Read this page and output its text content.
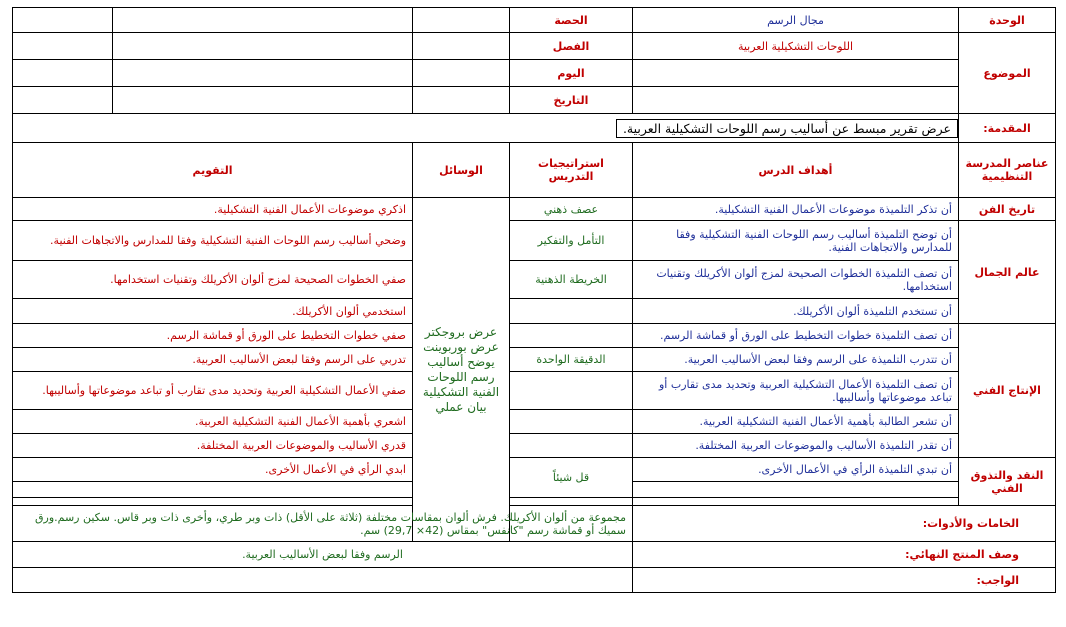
الوحدة	مجال الرسم	الحصة			
الموضوع	اللوحات التشكيلية العربية	الفصل			
		اليوم			
		التاريخ			
المقدمة:	عرض تقرير مبسط عن أساليب رسم اللوحات التشكيلية العربية.				
عناصر المدرسة التنظيمية	أهداف الدرس	استراتيجيات التدريس	الوسائل	التقويم	
تاريخ الفن	أن تذكر التلميذة موضوعات الأعمال الفنية التشكيلية.	عصف ذهني	عرض بروجكتر عرض بوربوينت يوضح أساليب رسم اللوحات الفنية التشكيلية بيان عملي	اذكري موضوعات الأعمال الفنية التشكيلية.	
عالم الجمال	أن توضح التلميذة أساليب رسم اللوحات الفنية التشكيلية وفقا للمدارس والاتجاهات الفنية.	التأمل والتفكير		وضحي أساليب رسم اللوحات الفنية التشكيلية وفقا للمدارس والاتجاهات الفنية.	
	أن تصف التلميذة الخطوات الصحيحة لمزج ألوان الأكريلك وتقنيات استخدامها.	الخريطة الذهنية		صفي الخطوات الصحيحة لمزج ألوان الأكريلك وتقنيات استخدامها.	
	أن تستخدم التلميذة ألوان الأكريلك.			استخدمي ألوان الأكريلك.	
الإنتاج الفني	أن تصف التلميذة خطوات التخطيط على الورق أو قماشة الرسم.			صفي خطوات التخطيط على الورق أو قماشة الرسم.	
	أن تتدرب التلميذة على الرسم وفقا لبعض الأساليب العربية.	الدقيقة الواحدة		تدربي على الرسم وفقا لبعض الأساليب العربية.	
	أن تصف التلميذة الأعمال التشكيلية العربية وتحديد مدى تقارب أو تباعد موضوعاتها وأساليبها.			صفي الأعمال التشكيلية العربية وتحديد مدى تقارب أو تباعد موضوعاتها وأساليبها.	
	أن تشعر الطالبة بأهمية الأعمال الفنية التشكيلية العربية.			اشعري بأهمية الأعمال الفنية التشكيلية العربية.	
	أن تقدر التلميذة الأساليب والموضوعات العربية المختلفة.			قدري الأساليب والموضوعات العربية المختلفة.	
النقد والتذوق الفني	أن تبدي التلميذة الرأي في الأعمال الأخرى.	قل شيئاً		ابدي الرأي في الأعمال الأخرى.	

الخامات والأدوات:		مجموعة من ألوان الأكريلك. فرش ألوان بمقاسات مختلفة (ثلاثة على الأقل) ذات وبر طري، وأخرى ذات وبر قاس. سكين رسم.ورق سميك أو قماشة رسم "كانفس" بمقاس (42× 29,7) سم.			
وصف المنتج النهائي:		الرسم وفقا لبعض الأساليب العربية.			
الواجب:					
